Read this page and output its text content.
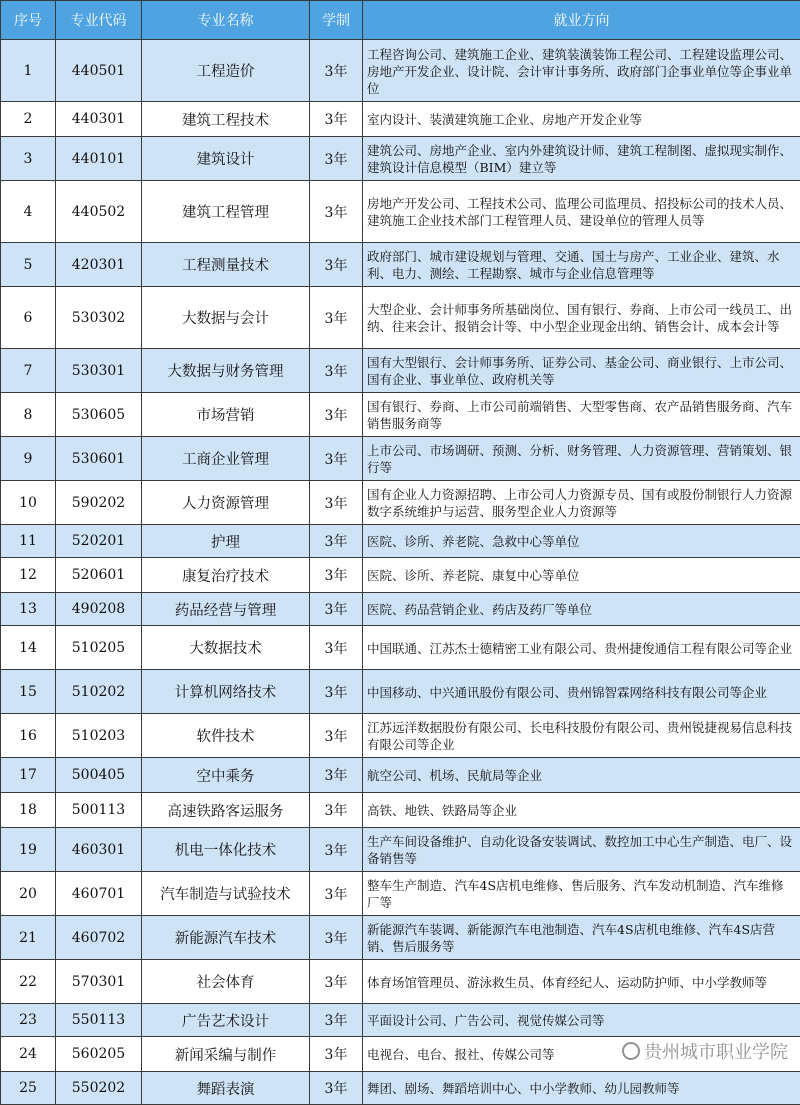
序号	专业代码	专业名称	学制	就业方向
1	440501	工程造价	3年	工程咨询公司、建筑施工企业、建筑装潢装饰工程公司、工程建设监理公司、房地产开发企业、设计院、会计审计事务所、政府部门企事业单位等企事业单位
2	440301	建筑工程技术	3年	室内设计、装潢建筑施工企业、房地产开发企业等
3	440101	建筑设计	3年	建筑公司、房地产企业、室内外建筑设计师、建筑工程制图、虚拟现实制作、建筑设计信息模型（BIM）建立等
4	440502	建筑工程管理	3年	房地产开发公司、工程技术公司、监理公司监理员、招投标公司的技术人员、建筑施工企业技术部门工程管理人员、建设单位的管理人员等
5	420301	工程测量技术	3年	政府部门、城市建设规划与管理、交通、国土与房产、工业企业、建筑、水利、电力、测绘、工程勘察、城市与企业信息管理等
6	530302	大数据与会计	3年	大型企业、会计师事务所基础岗位、国有银行、券商、上市公司一线员工、出纳、往来会计、报销会计等、中小型企业现金出纳、销售会计、成本会计等
7	530301	大数据与财务管理	3年	国有大型银行、会计师事务所、证券公司、基金公司、商业银行、上市公司、国有企业、事业单位、政府机关等
8	530605	市场营销	3年	国有银行、券商、上市公司前端销售、大型零售商、农产品销售服务商、汽车销售服务商等
9	530601	工商企业管理	3年	上市公司、市场调研、预测、分析、财务管理、人力资源管理、营销策划、银行等
10	590202	人力资源管理	3年	国有企业人力资源招聘、上市公司人力资源专员、国有或股份制银行人力资源数字系统维护与运营、服务型企业人力资源等
11	520201	护理	3年	医院、诊所、养老院、急救中心等单位
12	520601	康复治疗技术	3年	医院、诊所、养老院、康复中心等单位
13	490208	药品经营与管理	3年	医院、药品营销企业、药店及药厂等单位
14	510205	大数据技术	3年	中国联通、江苏杰士德精密工业有限公司、贵州捷俊通信工程有限公司等企业
15	510202	计算机网络技术	3年	中国移动、中兴通讯股份有限公司、贵州锦智霖网络科技有限公司等企业
16	510203	软件技术	3年	江苏远洋数据股份有限公司、长电科技股份有限公司、贵州锐捷视易信息科技有限公司等企业
17	500405	空中乘务	3年	航空公司、机场、民航局等企业
18	500113	高速铁路客运服务	3年	高铁、地铁、铁路局等企业
19	460301	机电一体化技术	3年	生产车间设备维护、自动化设备安装调试、数控加工中心生产制造、电厂、设备销售等
20	460701	汽车制造与试验技术	3年	整车生产制造、汽车4S店机电维修、售后服务、汽车发动机制造、汽车维修厂等
21	460702	新能源汽车技术	3年	新能源汽车装调、新能源汽车电池制造、汽车4S店机电维修、汽车4S店营销、售后服务等
22	570301	社会体育	3年	体育场馆管理员、游泳救生员、体育经纪人、运动防护师、中小学教师等
23	550113	广告艺术设计	3年	平面设计公司、广告公司、视觉传媒公司等
24	560205	新闻采编与制作	3年	电视台、电台、报社、传媒公司等
25	550202	舞蹈表演	3年	舞团、剧场、舞蹈培训中心、中小学教师、幼儿园教师等
贵州城市职业学院
